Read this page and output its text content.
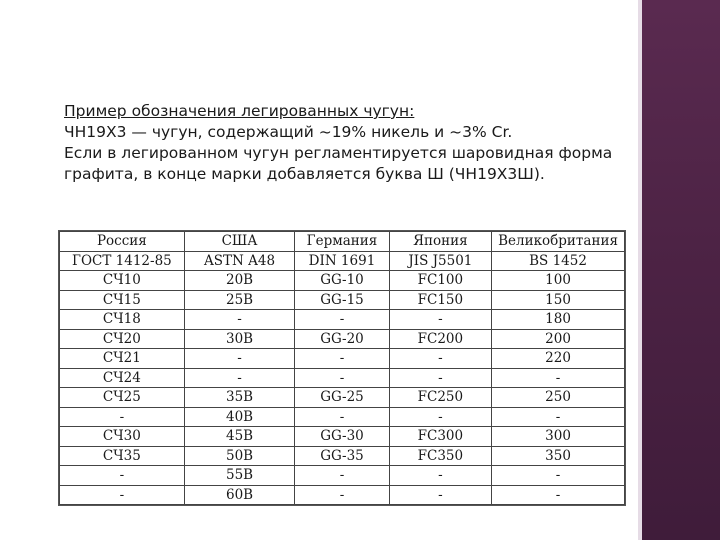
Пример обозначения легированных чугун:
ЧН19Х3 — чугун, содержащий ~19% никель и ~3% Сr.
Если в легированном чугун регламентируется шаровидная форма
графита, в конце марки добавляется буква Ш (ЧН19Х3Ш).
Россия	США	Германия	Япония	Великобритания
ГОСТ 1412-85	ASTN A48	DIN 1691	JIS J5501	BS 1452
СЧ10	20В	GG-10	FC100	100
СЧ15	25В	GG-15	FC150	150
СЧ18	-	-	-	180
СЧ20	30В	GG-20	FC200	200
СЧ21	-	-	-	220
СЧ24	-	-	-	-
СЧ25	35В	GG-25	FC250	250
-	40В	-	-	-
СЧ30	45В	GG-30	FC300	300
СЧ35	50В	GG-35	FC350	350
-	55В	-	-	-
-	60В	-	-	-
